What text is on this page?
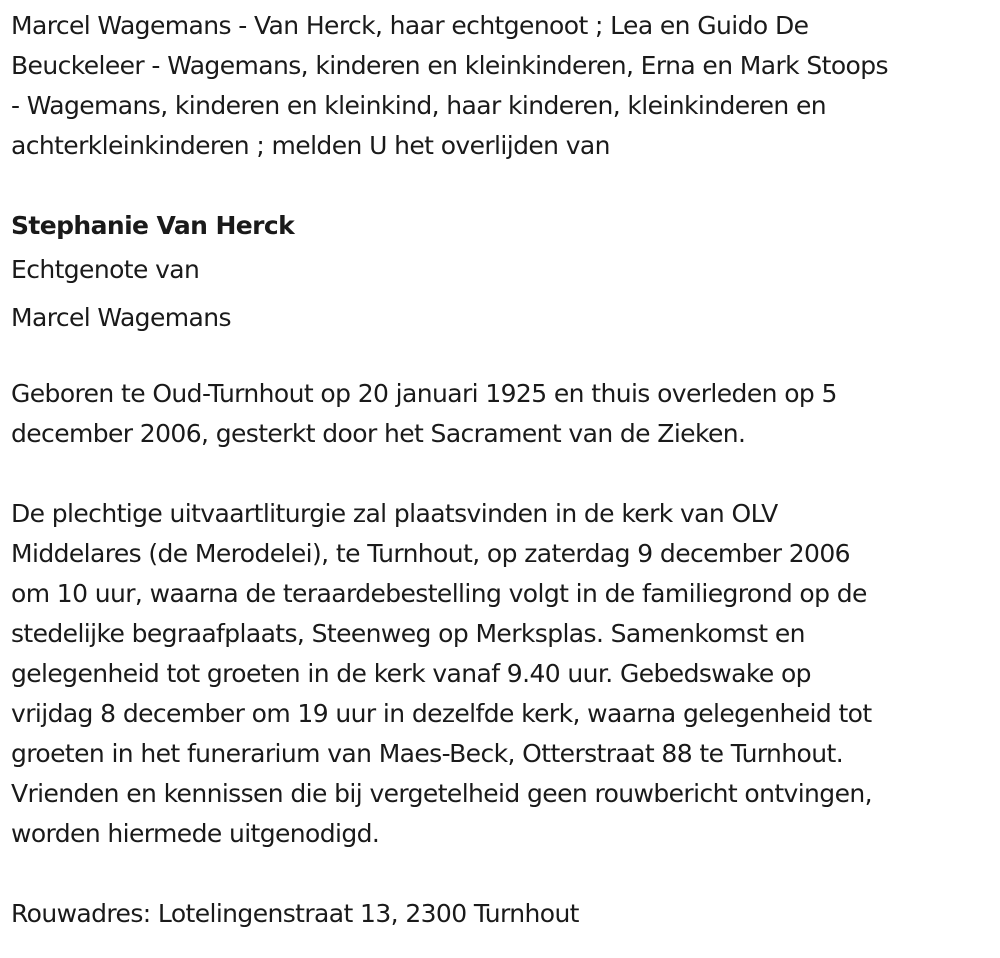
Marcel Wagemans - Van Herck, haar echtgenoot ; Lea en Guido De
Beuckeleer - Wagemans, kinderen en kleinkinderen, Erna en Mark Stoops
- Wagemans, kinderen en kleinkind, haar kinderen, kleinkinderen en
achterkleinkinderen ; melden U het overlijden van

Stephanie Van Herck

Echtgenote van

Marcel Wagemans

Geboren te Oud-Turnhout op 20 januari 1925 en thuis overleden op 5
december 2006, gesterkt door het Sacrament van de Zieken.

De plechtige uitvaartliturgie zal plaatsvinden in de kerk van OLV
Middelares (de Merodelei), te Turnhout, op zaterdag 9 december 2006
om 10 uur, waarna de teraardebestelling volgt in de familiegrond op de
stedelijke begraafplaats, Steenweg op Merksplas. Samenkomst en
gelegenheid tot groeten in de kerk vanaf 9.40 uur. Gebedswake op
vrijdag 8 december om 19 uur in dezelfde kerk, waarna gelegenheid tot
groeten in het funerarium van Maes-Beck, Otterstraat 88 te Turnhout.
Vrienden en kennissen die bij vergetelheid geen rouwbericht ontvingen,
worden hiermede uitgenodigd.

Rouwadres: Lotelingenstraat 13, 2300 Turnhout
